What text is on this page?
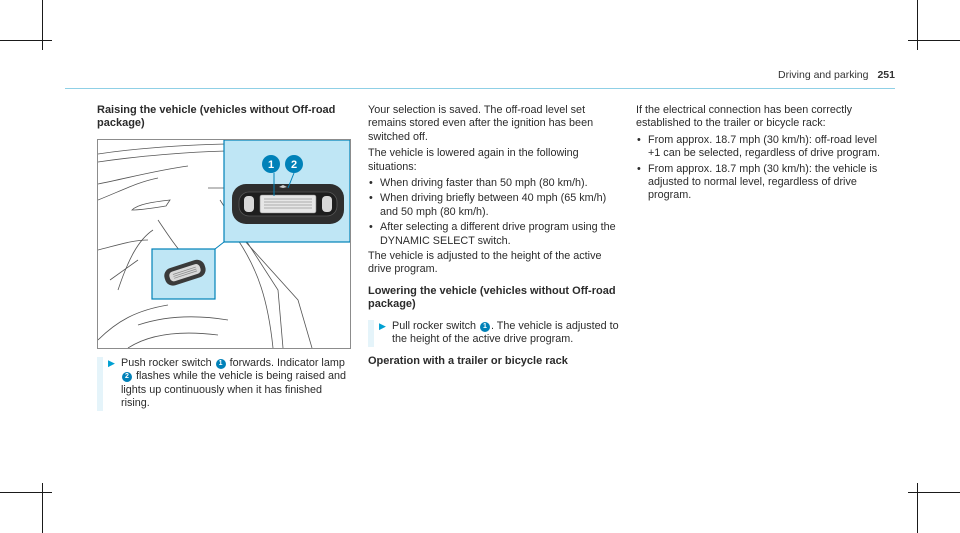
Driving and parking 251

Raising the vehicle (vehicles without Off-road package)

1 2
▶ Push rocker switch 1 forwards. Indicator lamp 2 flashes while the vehicle is being raised and lights up continuously when it has finished rising.

Your selection is saved. The off-road level set remains stored even after the ignition has been switched off.

The vehicle is lowered again in the following situations:

• When driving faster than 50 mph (80 km/h).
• When driving briefly between 40 mph (65 km/h) and 50 mph (80 km/h).
• After selecting a different drive program using the DYNAMIC SELECT switch.

The vehicle is adjusted to the height of the active drive program.

Lowering the vehicle (vehicles without Off-road package)

▶ Pull rocker switch 1 . The vehicle is adjusted to the height of the active drive program.

Operation with a trailer or bicycle rack

If the electrical connection has been correctly established to the trailer or bicycle rack:

• From approx. 18.7 mph (30 km/h): off-road level +1 can be selected, regardless of drive program.
• From approx. 18.7 mph (30 km/h): the vehicle is adjusted to normal level, regardless of drive program.
